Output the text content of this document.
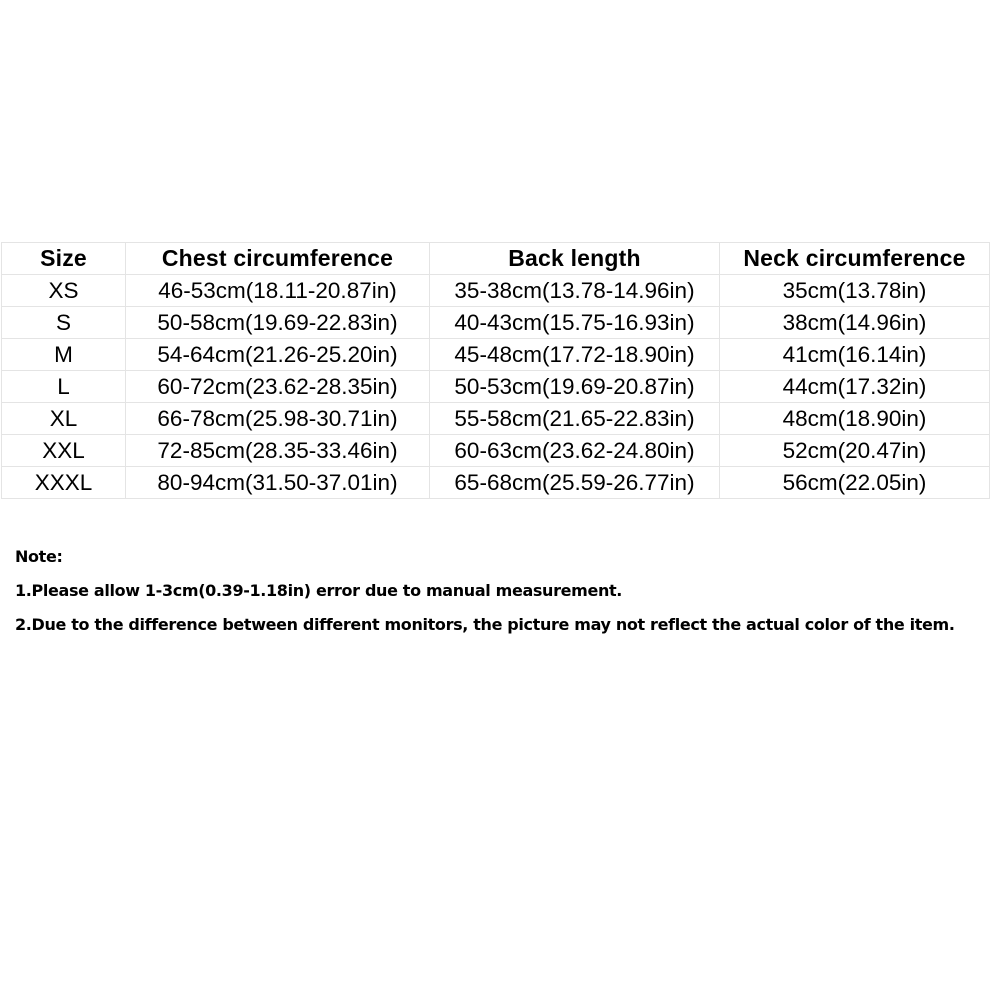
Size	Chest circumference	Back length	Neck circumference
XS	46-53cm(18.11-20.87in)	35-38cm(13.78-14.96in)	35cm(13.78in)
S	50-58cm(19.69-22.83in)	40-43cm(15.75-16.93in)	38cm(14.96in)
M	54-64cm(21.26-25.20in)	45-48cm(17.72-18.90in)	41cm(16.14in)
L	60-72cm(23.62-28.35in)	50-53cm(19.69-20.87in)	44cm(17.32in)
XL	66-78cm(25.98-30.71in)	55-58cm(21.65-22.83in)	48cm(18.90in)
XXL	72-85cm(28.35-33.46in)	60-63cm(23.62-24.80in)	52cm(20.47in)
XXXL	80-94cm(31.50-37.01in)	65-68cm(25.59-26.77in)	56cm(22.05in)

Note:

1.Please allow 1-3cm(0.39-1.18in) error due to manual measurement.

2.Due to the difference between different monitors, the picture may not reflect the actual color of the item.
